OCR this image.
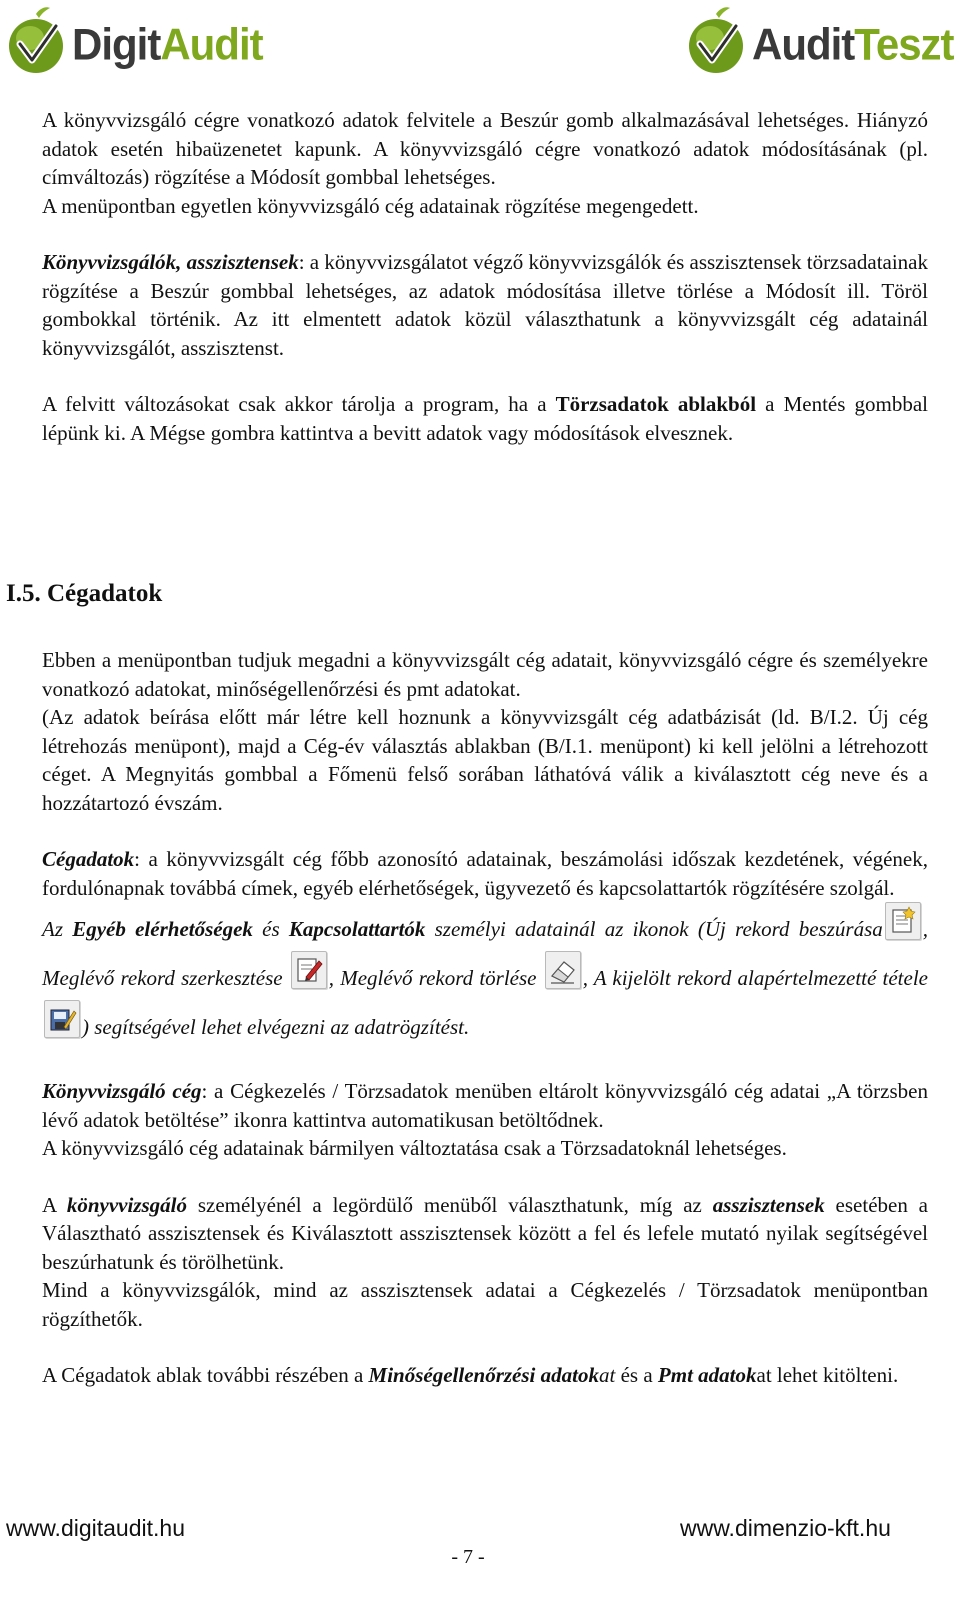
DigitAudit	AuditTeszt

A könyvvizsgáló cégre vonatkozó adatok felvitele a Beszúr gomb alkalmazásával lehetséges. Hiányzó adatok esetén hibaüzenetet kapunk. A könyvvizsgáló cégre vonatkozó adatok módosításának (pl. címváltozás) rögzítése a Módosít gombbal lehetséges.

A menüpontban egyetlen könyvvizsgáló cég adatainak rögzítése megengedett.

Könyvvizsgálók, asszisztensek: a könyvvizsgálatot végző könyvvizsgálók és asszisztensek törzsadatainak rögzítése a Beszúr gombbal lehetséges, az adatok módosítása illetve törlése a Módosít ill. Töröl gombokkal történik. Az itt elmentett adatok közül választhatunk a könyvvizsgált cég adatainál könyvvizsgálót, asszisztenst.

A felvitt változásokat csak akkor tárolja a program, ha a Törzsadatok ablakból a Mentés gombbal lépünk ki. A Mégse gombra kattintva a bevitt adatok vagy módosítások elvesznek.

I.5. Cégadatok

Ebben a menüpontban tudjuk megadni a könyvvizsgált cég adatait, könyvvizsgáló cégre és személyekre vonatkozó adatokat, minőségellenőrzési és pmt adatokat.

(Az adatok beírása előtt már létre kell hoznunk a könyvvizsgált cég adatbázisát (ld. B/I.2. Új cég létrehozás menüpont), majd a Cég-év választás ablakban (B/I.1. menüpont) ki kell jelölni a létrehozott céget. A Megnyitás gombbal a Főmenü felső sorában láthatóvá válik a kiválasztott cég neve és a hozzátartozó évszám.

Cégadatok: a könyvvizsgált cég főbb azonosító adatainak, beszámolási időszak kezdetének, végének, fordulónapnak továbbá címek, egyéb elérhetőségek, ügyvezető és kapcsolattartók rögzítésére szolgál.

Az Egyéb elérhetőségek és Kapcsolattartók személyi adatainál az ikonok (Új rekord beszúrása , Meglévő rekord szerkesztése
, Meglévő rekord törlése
, A kijelölt rekord alapértelmezetté tétele
) segítségével lehet elvégezni az adatrögzítést.

Könyvvizsgáló cég: a Cégkezelés / Törzsadatok menüben eltárolt könyvvizsgáló cég adatai „A törzsben lévő adatok betöltése” ikonra kattintva automatikusan betöltődnek.

A könyvvizsgáló cég adatainak bármilyen változtatása csak a Törzsadatoknál lehetséges.

A könyvvizsgáló személyénél a legördülő menüből választhatunk, míg az asszisztensek esetében a Választható asszisztensek és Kiválasztott asszisztensek között a fel és lefele mutató nyilak segítségével beszúrhatunk és törölhetünk.

Mind a könyvvizsgálók, mind az asszisztensek adatai a Cégkezelés / Törzsadatok menüpontban rögzíthetők.

A Cégadatok ablak további részében a Minőségellenőrzési adatokat és a Pmt adatokat lehet kitölteni.

www.digitaudit.hu	www.dimenzio-kft.hu
- 7 -
